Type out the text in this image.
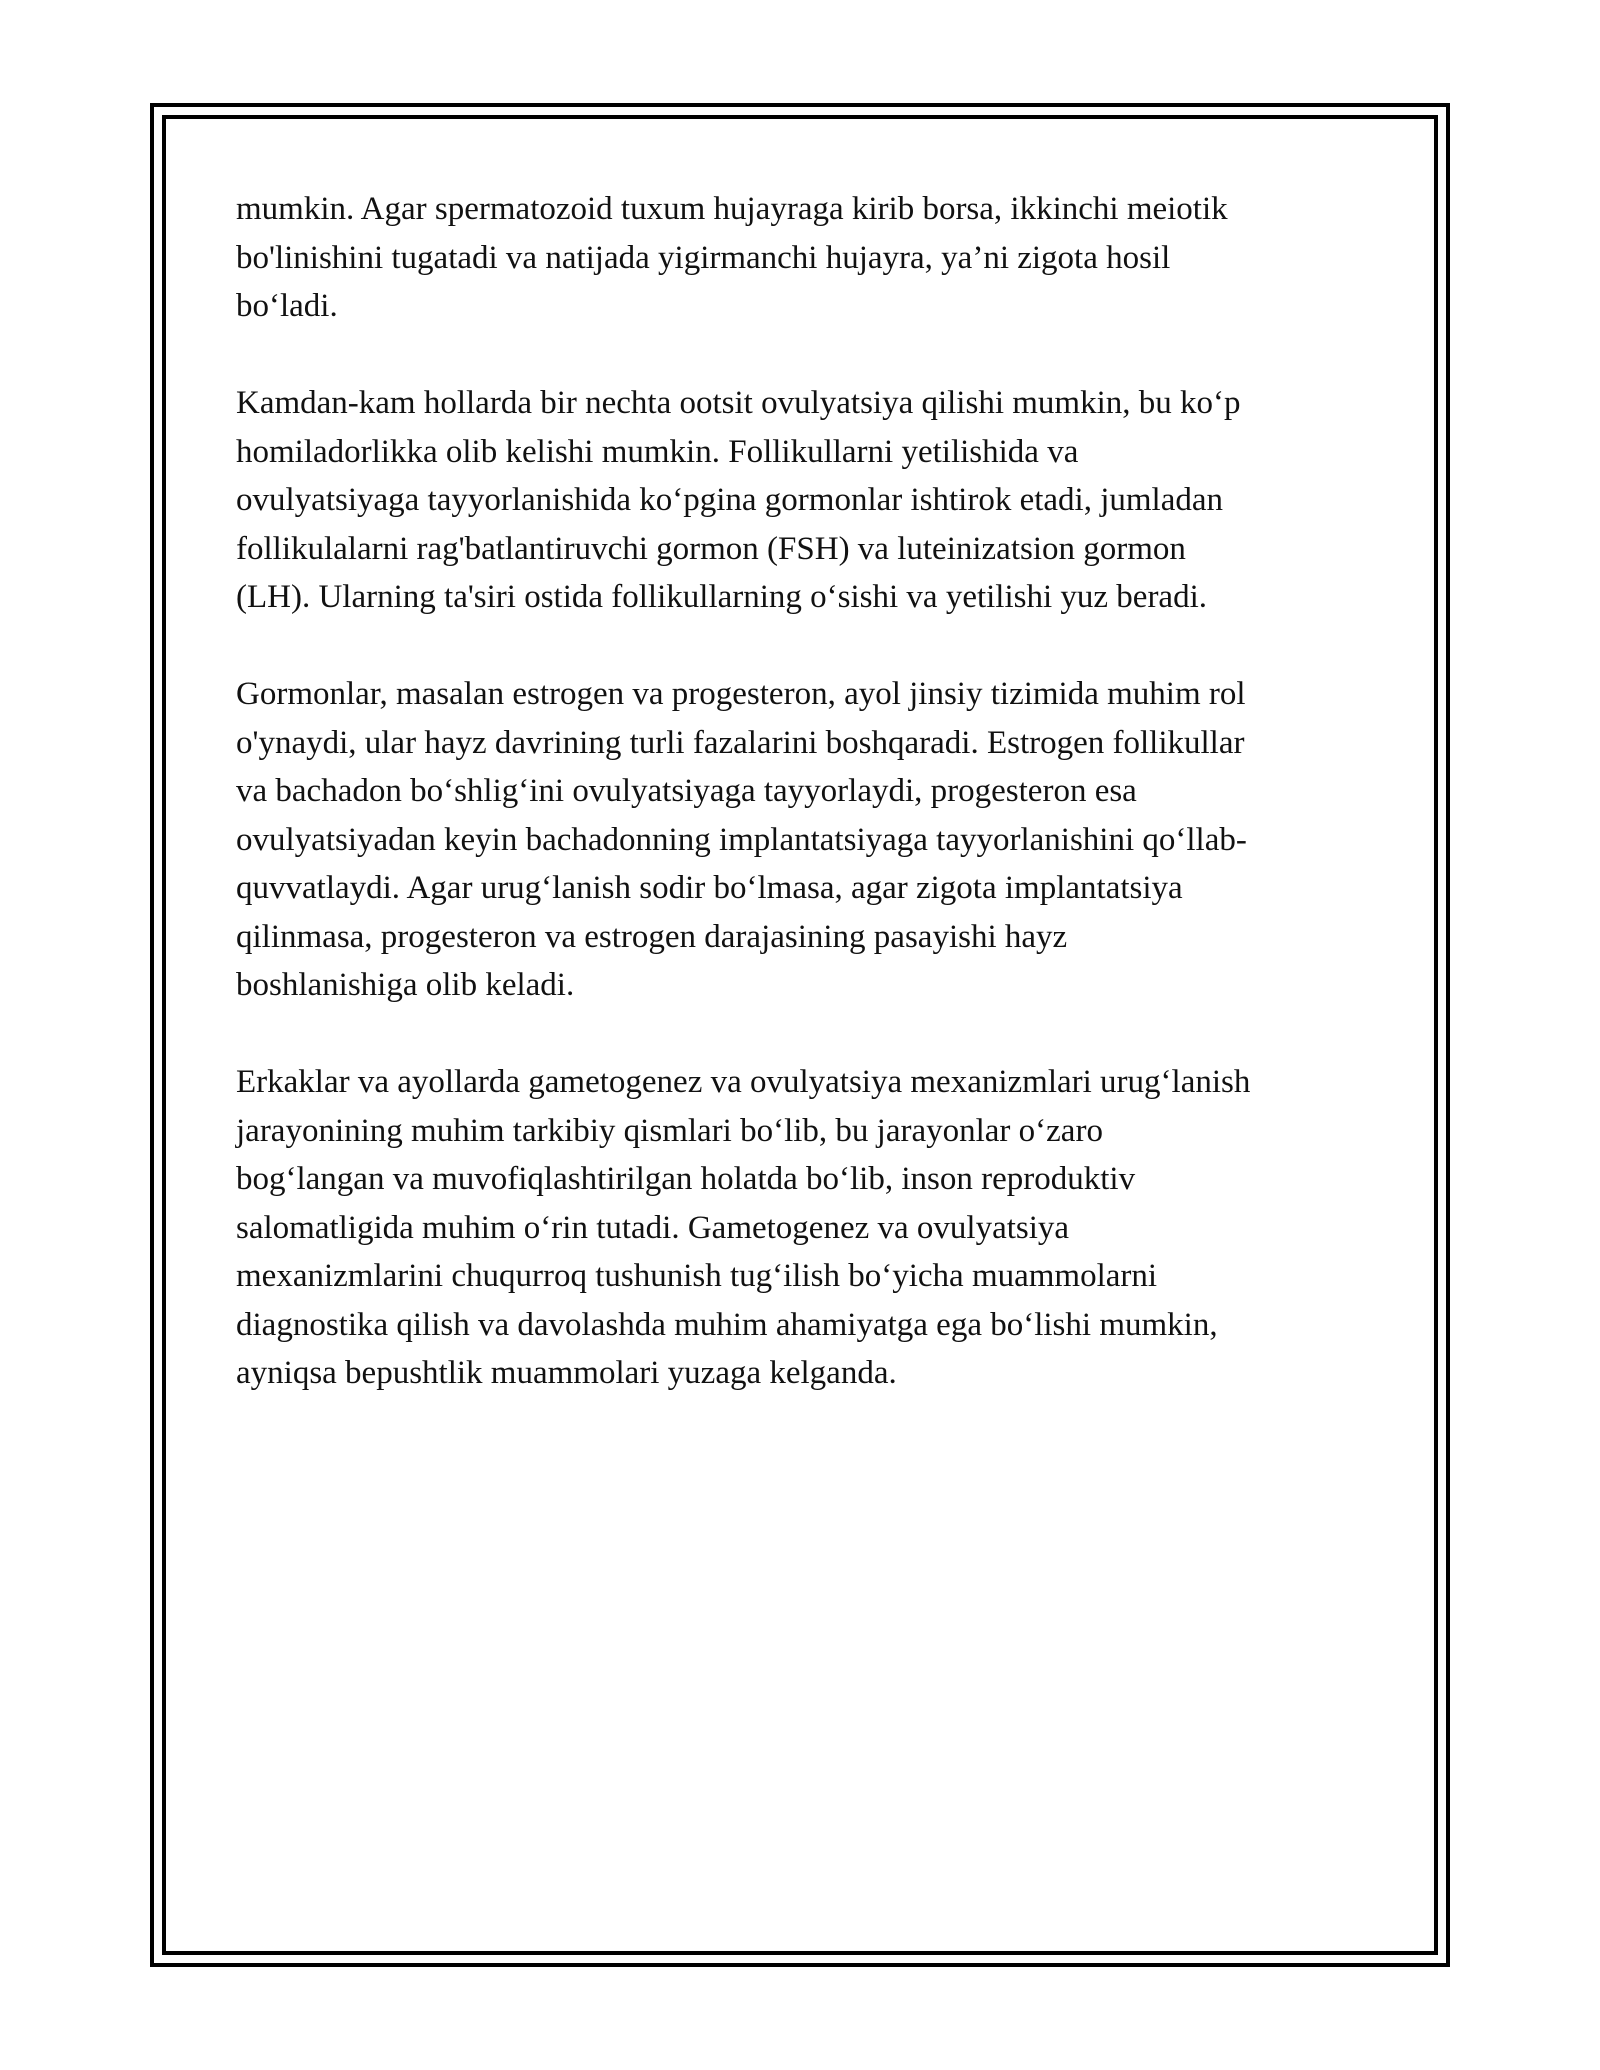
mumkin. Agar spermatozoid tuxum hujayraga kirib borsa, ikkinchi meiotik
bo'linishini tugatadi va natijada yigirmanchi hujayra, ya’ni zigota hosil
bo‘ladi.

Kamdan-kam hollarda bir nechta ootsit ovulyatsiya qilishi mumkin, bu ko‘p
homiladorlikka olib kelishi mumkin. Follikullarni yetilishida va
ovulyatsiyaga tayyorlanishida ko‘pgina gormonlar ishtirok etadi, jumladan
follikulalarni rag'batlantiruvchi gormon (FSH) va luteinizatsion gormon
(LH). Ularning ta'siri ostida follikullarning o‘sishi va yetilishi yuz beradi.

Gormonlar, masalan estrogen va progesteron, ayol jinsiy tizimida muhim rol
o'ynaydi, ular hayz davrining turli fazalarini boshqaradi. Estrogen follikullar
va bachadon bo‘shlig‘ini ovulyatsiyaga tayyorlaydi, progesteron esa
ovulyatsiyadan keyin bachadonning implantatsiyaga tayyorlanishini qo‘llab-
quvvatlaydi. Agar urug‘lanish sodir bo‘lmasa, agar zigota implantatsiya
qilinmasa, progesteron va estrogen darajasining pasayishi hayz
boshlanishiga olib keladi.

Erkaklar va ayollarda gametogenez va ovulyatsiya mexanizmlari urug‘lanish
jarayonining muhim tarkibiy qismlari bo‘lib, bu jarayonlar o‘zaro
bog‘langan va muvofiqlashtirilgan holatda bo‘lib, inson reproduktiv
salomatligida muhim o‘rin tutadi. Gametogenez va ovulyatsiya
mexanizmlarini chuqurroq tushunish tug‘ilish bo‘yicha muammolarni
diagnostika qilish va davolashda muhim ahamiyatga ega bo‘lishi mumkin,
ayniqsa bepushtlik muammolari yuzaga kelganda.
